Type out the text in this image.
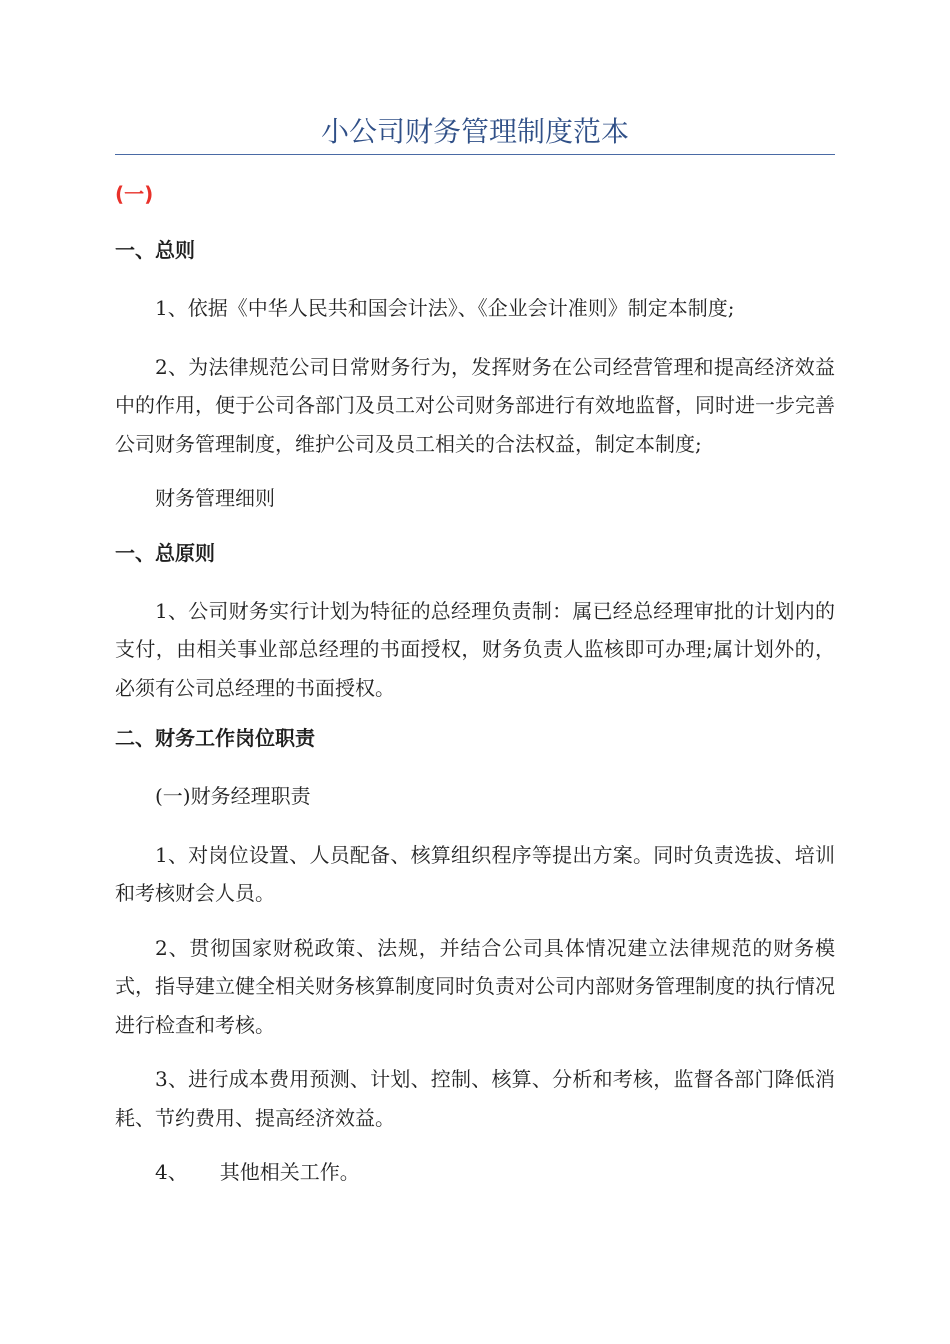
小公司财务管理制度范本
(一)
一、总则

1、依据《中华人民共和国会计法》、《企业会计准则》制定本制度;

2、为法律规范公司日常财务行为，发挥财务在公司经营管理和提高经济效益中的作用，便于公司各部门及员工对公司财务部进行有效地监督，同时进一步完善公司财务管理制度，维护公司及员工相关的合法权益，制定本制度;

财务管理细则

一、总原则

1、公司财务实行计划为特征的总经理负责制：属已经总经理审批的计划内的支付，由相关事业部总经理的书面授权，财务负责人监核即可办理;属计划外的，必须有公司总经理的书面授权。

二、财务工作岗位职责

(一)财务经理职责

1、对岗位设置、人员配备、核算组织程序等提出方案。同时负责选拔、培训和考核财会人员。

2、贯彻国家财税政策、法规，并结合公司具体情况建立法律规范的财务模式，指导建立健全相关财务核算制度同时负责对公司内部财务管理制度的执行情况进行检查和考核。

3、进行成本费用预测、计划、控制、核算、分析和考核，监督各部门降低消耗、节约费用、提高经济效益。

4、 其他相关工作。
